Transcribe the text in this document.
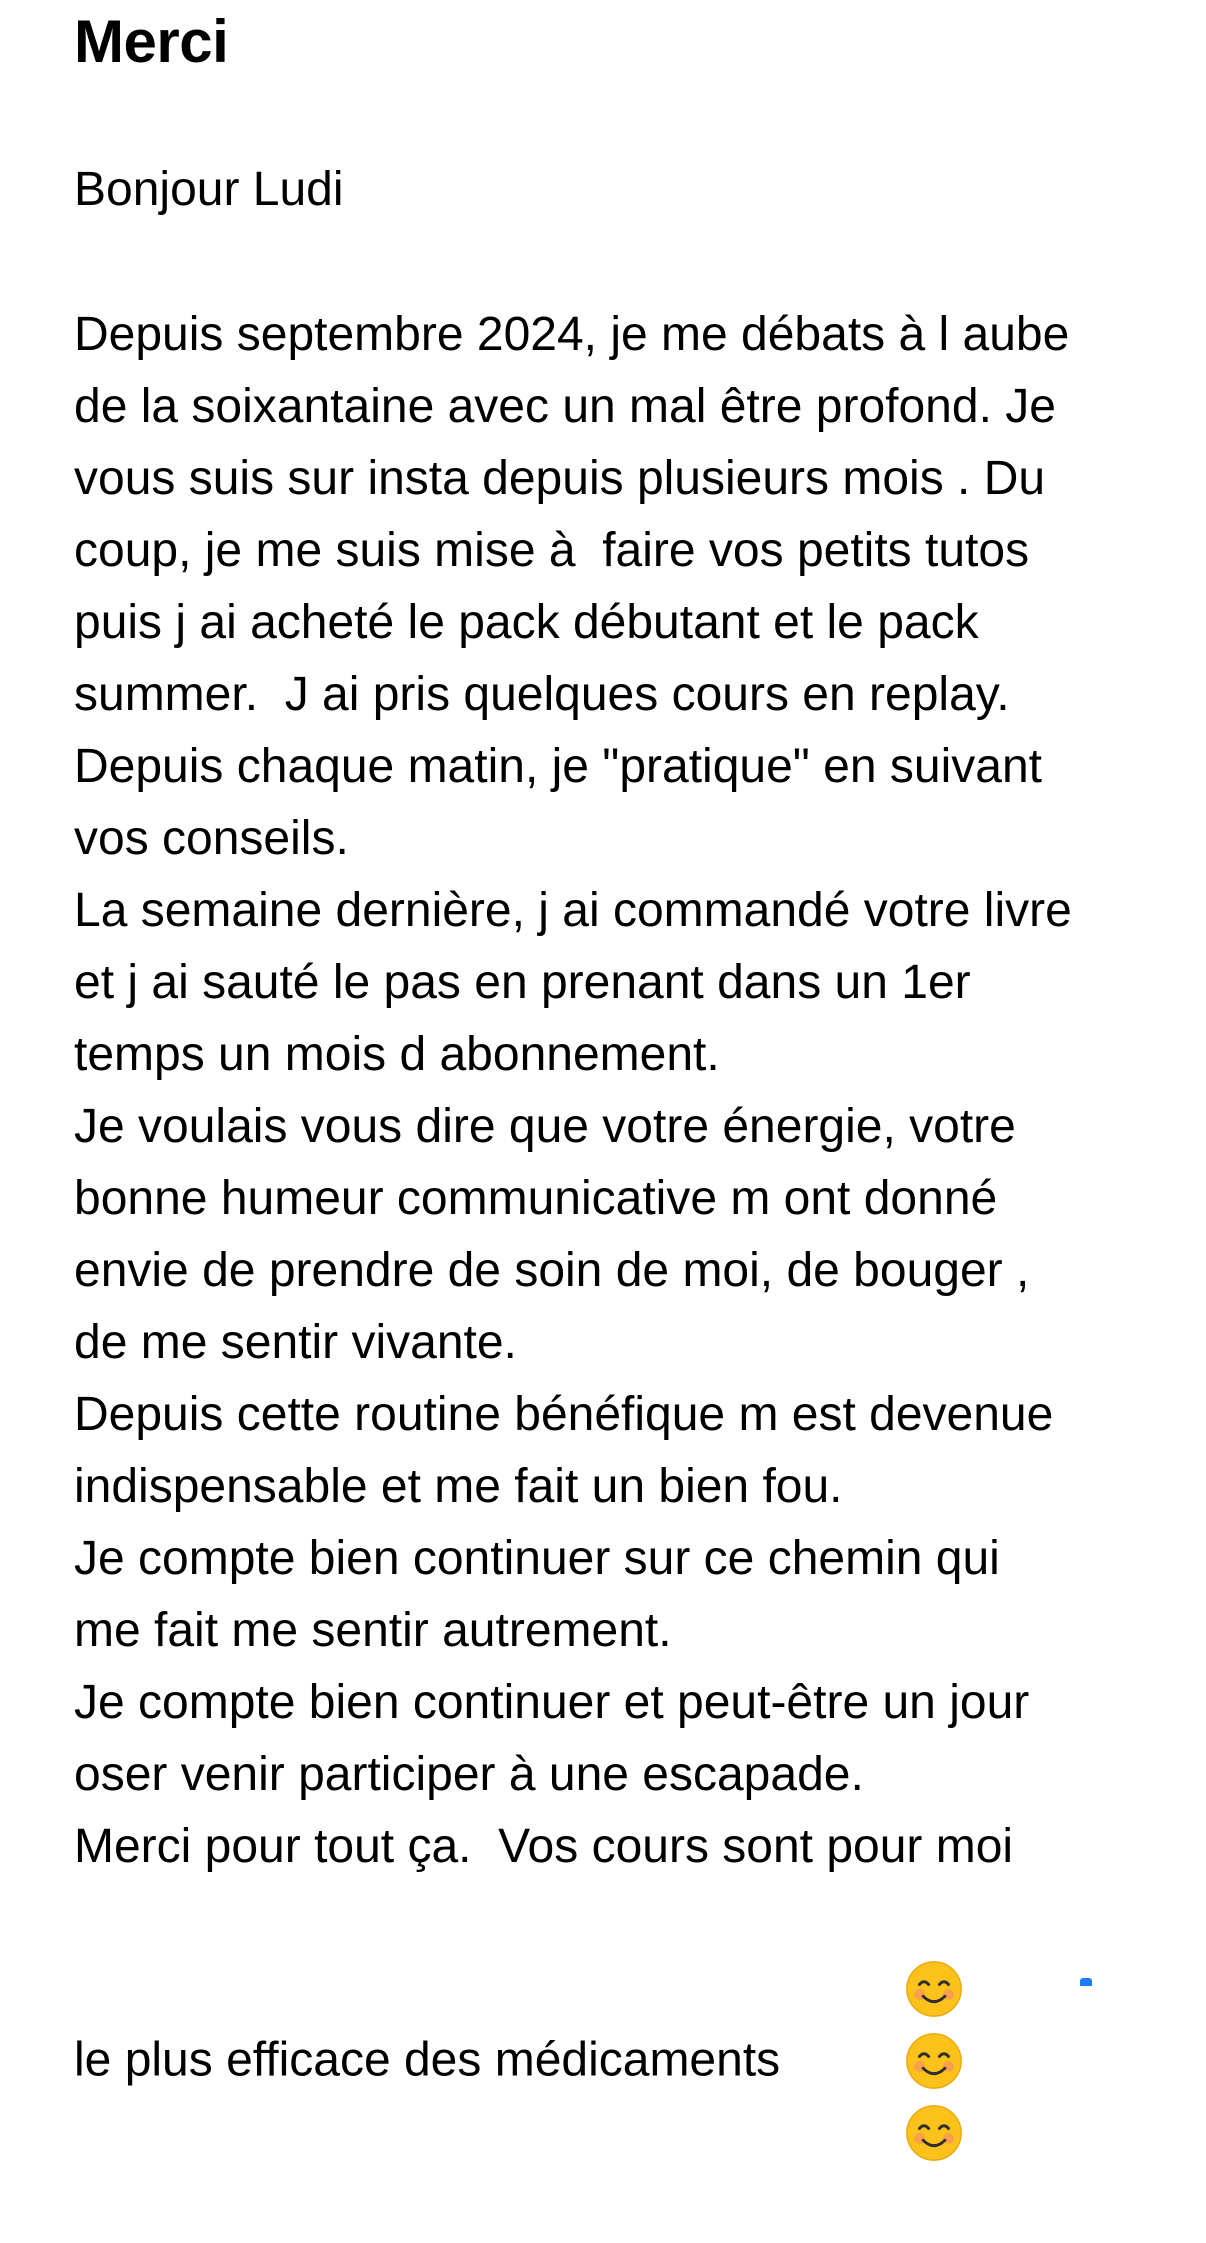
Merci
Bonjour Ludi
Depuis septembre 2024, je me débats à l aube
de la soixantaine avec un mal être profond. Je
vous suis sur insta depuis plusieurs mois . Du
coup, je me suis mise à  faire vos petits tutos
puis j ai acheté le pack débutant et le pack
summer.  J ai pris quelques cours en replay.
Depuis chaque matin, je "pratique" en suivant
vos conseils.
La semaine dernière, j ai commandé votre livre
et j ai sauté le pas en prenant dans un 1er
temps un mois d abonnement.
Je voulais vous dire que votre énergie, votre
bonne humeur communicative m ont donné
envie de prendre de soin de moi, de bouger ,
de me sentir vivante.
Depuis cette routine bénéfique m est devenue
indispensable et me fait un bien fou.
Je compte bien continuer sur ce chemin qui
me fait me sentir autrement.
Je compte bien continuer et peut-être un jour
oser venir participer à une escapade.
Merci pour tout ça.  Vos cours sont pour moi
le plus efficace des médicaments
